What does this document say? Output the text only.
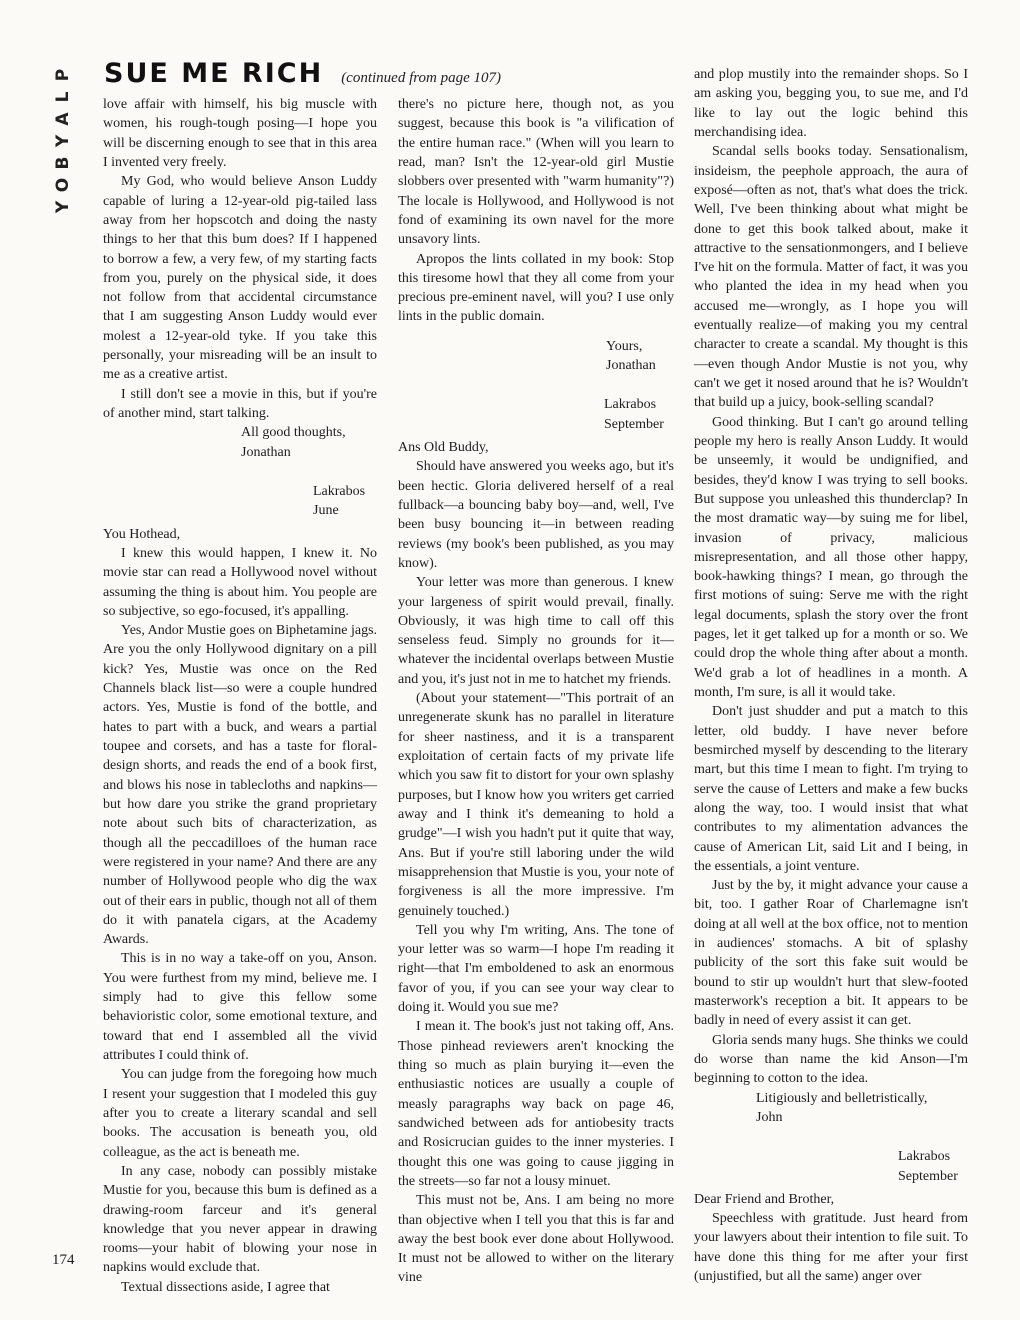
P
L
A
Y
B
O
Y
SUE ME RICH (continued from page 107)

love affair with himself, his big muscle with women, his rough-tough posing—I hope you will be discerning enough to see that in this area I invented very freely.

My God, who would believe Anson Luddy capable of luring a 12-year-old pig-tailed lass away from her hopscotch and doing the nasty things to her that this bum does? If I happened to borrow a few, a very few, of my starting facts from you, purely on the physical side, it does not follow from that accidental circumstance that I am suggesting Anson Luddy would ever molest a 12-year-old tyke. If you take this personally, your misreading will be an insult to me as a creative artist.

I still don't see a movie in this, but if you're of another mind, start talking.

All good thoughts,

Jonathan

Lakrabos

June

You Hothead,

I knew this would happen, I knew it. No movie star can read a Hollywood novel without assuming the thing is about him. You people are so subjective, so ego-focused, it's appalling.

Yes, Andor Mustie goes on Biphetamine jags. Are you the only Hollywood dignitary on a pill kick? Yes, Mustie was once on the Red Channels black list—so were a couple hundred actors. Yes, Mustie is fond of the bottle, and hates to part with a buck, and wears a partial toupee and corsets, and has a taste for floral-design shorts, and reads the end of a book first, and blows his nose in tablecloths and napkins—but how dare you strike the grand proprietary note about such bits of characterization, as though all the peccadilloes of the human race were registered in your name? And there are any number of Hollywood people who dig the wax out of their ears in public, though not all of them do it with panatela cigars, at the Academy Awards.

This is in no way a take-off on you, Anson. You were furthest from my mind, believe me. I simply had to give this fellow some behavioristic color, some emotional texture, and toward that end I assembled all the vivid attributes I could think of.

You can judge from the foregoing how much I resent your suggestion that I modeled this guy after you to create a literary scandal and sell books. The accusation is beneath you, old colleague, as the act is beneath me.

In any case, nobody can possibly mistake Mustie for you, because this bum is defined as a drawing-room farceur and it's general knowledge that you never appear in drawing rooms—your habit of blowing your nose in napkins would exclude that.

Textual dissections aside, I agree that

there's no picture here, though not, as you suggest, because this book is "a vilification of the entire human race." (When will you learn to read, man? Isn't the 12-year-old girl Mustie slobbers over presented with "warm humanity"?) The locale is Hollywood, and Hollywood is not fond of examining its own navel for the more unsavory lints.

Apropos the lints collated in my book: Stop this tiresome howl that they all come from your precious pre-eminent navel, will you? I use only lints in the public domain.

Yours,

Jonathan

Lakrabos

September

Ans Old Buddy,

Should have answered you weeks ago, but it's been hectic. Gloria delivered herself of a real fullback—a bouncing baby boy—and, well, I've been busy bouncing it—in between reading reviews (my book's been published, as you may know).

Your letter was more than generous. I knew your largeness of spirit would prevail, finally. Obviously, it was high time to call off this senseless feud. Simply no grounds for it—whatever the incidental overlaps between Mustie and you, it's just not in me to hatchet my friends.

(About your statement—"This portrait of an unregenerate skunk has no parallel in literature for sheer nastiness, and it is a transparent exploitation of certain facts of my private life which you saw fit to distort for your own splashy purposes, but I know how you writers get carried away and I think it's demeaning to hold a grudge"—I wish you hadn't put it quite that way, Ans. But if you're still laboring under the wild misapprehension that Mustie is you, your note of forgiveness is all the more impressive. I'm genuinely touched.)

Tell you why I'm writing, Ans. The tone of your letter was so warm—I hope I'm reading it right—that I'm emboldened to ask an enormous favor of you, if you can see your way clear to doing it. Would you sue me?

I mean it. The book's just not taking off, Ans. Those pinhead reviewers aren't knocking the thing so much as plain burying it—even the enthusiastic notices are usually a couple of measly paragraphs way back on page 46, sandwiched between ads for antiobesity tracts and Rosicrucian guides to the inner mysteries. I thought this one was going to cause jigging in the streets—so far not a lousy minuet.

This must not be, Ans. I am being no more than objective when I tell you that this is far and away the best book ever done about Hollywood. It must not be allowed to wither on the literary vine

and plop mustily into the remainder shops. So I am asking you, begging you, to sue me, and I'd like to lay out the logic behind this merchandising idea.

Scandal sells books today. Sensationalism, insideism, the peephole approach, the aura of exposé—often as not, that's what does the trick. Well, I've been thinking about what might be done to get this book talked about, make it attractive to the sensationmongers, and I believe I've hit on the formula. Matter of fact, it was you who planted the idea in my head when you accused me—wrongly, as I hope you will eventually realize—of making you my central character to create a scandal. My thought is this—even though Andor Mustie is not you, why can't we get it nosed around that he is? Wouldn't that build up a juicy, book-selling scandal?

Good thinking. But I can't go around telling people my hero is really Anson Luddy. It would be unseemly, it would be undignified, and besides, they'd know I was trying to sell books. But suppose you unleashed this thunderclap? In the most dramatic way—by suing me for libel, invasion of privacy, malicious misrepresentation, and all those other happy, book-hawking things? I mean, go through the first motions of suing: Serve me with the right legal documents, splash the story over the front pages, let it get talked up for a month or so. We could drop the whole thing after about a month. We'd grab a lot of headlines in a month. A month, I'm sure, is all it would take.

Don't just shudder and put a match to this letter, old buddy. I have never before besmirched myself by descending to the literary mart, but this time I mean to fight. I'm trying to serve the cause of Letters and make a few bucks along the way, too. I would insist that what contributes to my alimentation advances the cause of American Lit, said Lit and I being, in the essentials, a joint venture.

Just by the by, it might advance your cause a bit, too. I gather Roar of Charlemagne isn't doing at all well at the box office, not to mention in audiences' stomachs. A bit of splashy publicity of the sort this fake suit would be bound to stir up wouldn't hurt that slew-footed masterwork's reception a bit. It appears to be badly in need of every assist it can get.

Gloria sends many hugs. She thinks we could do worse than name the kid Anson—I'm beginning to cotton to the idea.

Litigiously and belletristically,

John

Lakrabos

September

Dear Friend and Brother,

Speechless with gratitude. Just heard from your lawyers about their intention to file suit. To have done this thing for me after your first (unjustified, but all the same) anger over

174
